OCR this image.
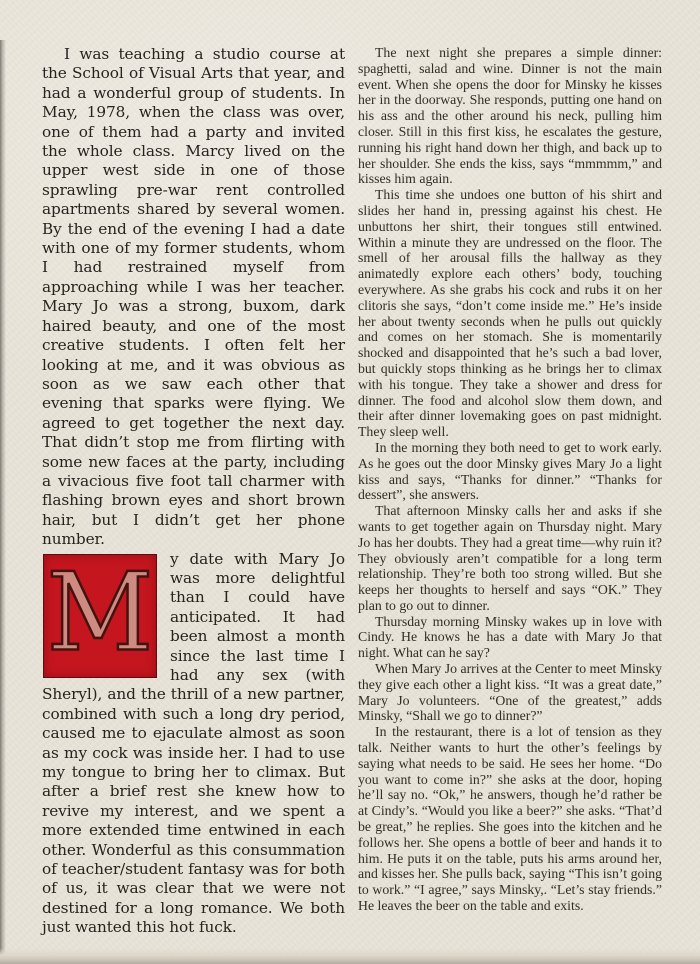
I was teaching a studio course at the School of Visual Arts that year, and had a wonderful group of students. In May, 1978, when the class was over, one of them had a party and invited the whole class. Marcy lived on the upper west side in one of those sprawling pre-war rent controlled apartments shared by several women. By the end of the evening I had a date with one of my former students, whom I had restrained myself from approaching while I was her teacher. Mary Jo was a strong, buxom, dark haired beauty, and one of the most creative students. I often felt her looking at me, and it was obvious as soon as we saw each other that evening that sparks were flying. We agreed to get together the next day. That didn’t stop me from flirting with some new faces at the party, including a vivacious five foot tall charmer with flashing brown eyes and short brown hair, but I didn’t get her phone number.

M y date with Mary Jo was more delightful than I could have anticipated. It had been almost a month since the last time I had any sex (with Sheryl), and the thrill of a new partner, combined with such a long dry period, caused me to ejaculate almost as soon as my cock was inside her. I had to use my tongue to bring her to climax. But after a brief rest she knew how to revive my interest, and we spent a more extended time entwined in each other. Wonderful as this consummation of teacher/student fantasy was for both of us, it was clear that we were not destined for a long romance. We both just wanted this hot fuck.

The next night she prepares a simple dinner: spaghetti, salad and wine. Dinner is not the main event. When she opens the door for Minsky he kisses her in the doorway. She responds, putting one hand on his ass and the other around his neck, pulling him closer. Still in this first kiss, he escalates the gesture, running his right hand down her thigh, and back up to her shoulder. She ends the kiss, says “mmmmm,” and kisses him again.

This time she undoes one button of his shirt and slides her hand in, pressing against his chest. He unbuttons her shirt, their tongues still entwined. Within a minute they are undressed on the floor. The smell of her arousal fills the hallway as they animatedly explore each others’ body, touching everywhere. As she grabs his cock and rubs it on her clitoris she says, “don’t come inside me.” He’s inside her about twenty seconds when he pulls out quickly and comes on her stomach. She is momentarily shocked and disappointed that he’s such a bad lover, but quickly stops thinking as he brings her to climax with his tongue. They take a shower and dress for dinner. The food and alcohol slow them down, and their after dinner lovemaking goes on past midnight. They sleep well.

In the morning they both need to get to work early. As he goes out the door Minsky gives Mary Jo a light kiss and says, “Thanks for dinner.” “Thanks for dessert”, she answers.

That afternoon Minsky calls her and asks if she wants to get together again on Thursday night. Mary Jo has her doubts. They had a great time—why ruin it? They obviously aren’t compatible for a long term relationship. They’re both too strong willed. But she keeps her thoughts to herself and says “OK.” They plan to go out to dinner.

Thursday morning Minsky wakes up in love with Cindy. He knows he has a date with Mary Jo that night. What can he say?

When Mary Jo arrives at the Center to meet Minsky they give each other a light kiss. “It was a great date,” Mary Jo volunteers. “One of the greatest,” adds Minsky, “Shall we go to dinner?”

In the restaurant, there is a lot of tension as they talk. Neither wants to hurt the other’s feelings by saying what needs to be said. He sees her home. “Do you want to come in?” she asks at the door, hoping he’ll say no. “Ok,” he answers, though he’d rather be at Cindy’s. “Would you like a beer?” she asks. “That’d be great,” he replies. She goes into the kitchen and he follows her. She opens a bottle of beer and hands it to him. He puts it on the table, puts his arms around her, and kisses her. She pulls back, saying “This isn’t going to work.” “I agree,” says Minsky,. “Let’s stay friends.” He leaves the beer on the table and exits.
